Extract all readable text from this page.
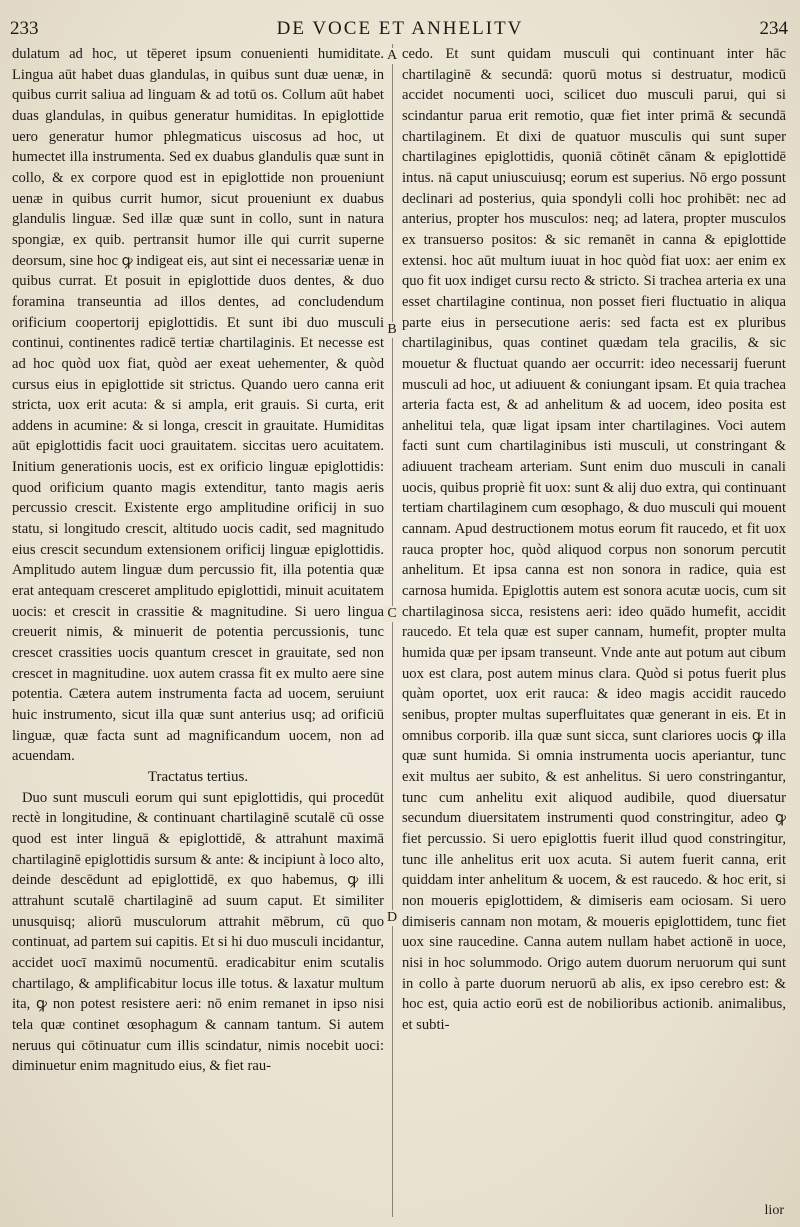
233	DE VOCE ET ANHELITV	234
A
B
C
D

dulatum ad hoc, ut tēperet ipsum conuenienti humiditate. Lingua aūt habet duas glandulas, in quibus sunt duæ uenæ, in quibus currit saliua ad linguam & ad totū os. Collum aūt habet duas glandulas, in quibus generatur humiditas. In epiglottide uero generatur humor phlegmaticus uiscosus ad hoc, ut humectet illa instrumenta. Sed ex duabus glandulis quæ sunt in collo, & ex corpore quod est in epiglottide non proueniunt uenæ in quibus currit humor, sicut proueniunt ex duabus glandulis linguæ. Sed illæ quæ sunt in collo, sunt in natura spongiæ, ex quib. pertransit humor ille qui currit superne deorsum, sine hoc ꝙ indigeat eis, aut sint ei necessariæ uenæ in quibus currat. Et posuit in epiglottide duos dentes, & duo foramina transeuntia ad illos dentes, ad concludendum orificium coopertorij epiglottidis. Et sunt ibi duo musculi continui, continentes radicē tertiæ chartilaginis. Et necesse est ad hoc quòd uox fiat, quòd aer exeat uehementer, & quòd cursus eius in epiglottide sit strictus. Quando uero canna erit stricta, uox erit acuta: & si ampla, erit grauis. Si curta, erit addens in acumine: & si longa, crescit in grauitate. Humiditas aūt epiglottidis facit uoci grauitatem. siccitas uero acuitatem. Initium generationis uocis, est ex orificio linguæ epiglottidis: quod orificium quanto magis extenditur, tanto magis aeris percussio crescit. Existente ergo amplitudine orificij in suo statu, si longitudo crescit, altitudo uocis cadit, sed magnitudo eius crescit secundum extensionem orificij linguæ epiglottidis. Amplitudo autem linguæ dum percussio fit, illa potentia quæ erat antequam cresceret amplitudo epiglottidi, minuit acuitatem uocis: et crescit in crassitie & magnitudine. Si uero lingua creuerit nimis, & minuerit de potentia percussionis, tunc crescet crassities uocis quantum crescet in grauitate, sed non crescet in magnitudine. uox autem crassa fit ex multo aere sine potentia. Cætera autem instrumenta facta ad uocem, seruiunt huic instrumento, sicut illa quæ sunt anterius usq; ad orificiū linguæ, quæ facta sunt ad magnificandum uocem, non ad acuendam.

Tractatus tertius.

Duo sunt musculi eorum qui sunt epiglottidis, qui procedūt rectè in longitudine, & continuant chartilaginē scutalē cū osse quod est inter linguā & epiglottidē, & attrahunt maximā chartilaginē epiglottidis sursum & ante: & incipiunt à loco alto, deinde descēdunt ad epiglottidē, ex quo habemus, ꝙ illi attrahunt scutalē chartilaginē ad suum caput. Et similiter unusquisq; aliorū musculorum attrahit mēbrum, cū quo continuat, ad partem sui capitis. Et si hi duo musculi incidantur, accidet uocī maximū nocumentū. eradicabitur enim scutalis chartilago, & amplificabitur locus ille totus. & laxatur multum ita, ꝙ non potest resistere aeri: nō enim remanet in ipso nisi tela quæ continet œsophagum & cannam tantum. Si autem neruus qui cōtinuatur cum illis scindatur, nimis nocebit uoci: diminuetur enim magnitudo eius, & fiet rau-

cedo. Et sunt quidam musculi qui continuant inter hāc chartilaginē & secundā: quorū motus si destruatur, modicū accidet nocumenti uoci, scilicet duo musculi parui, qui si scindantur parua erit remotio, quæ fiet inter primā & secundā chartilaginem. Et dixi de quatuor musculis qui sunt super chartilagines epiglottidis, quoniā cōtinēt cānam & epiglottidē intus. nā caput uniuscuiusq; eorum est superius. Nō ergo possunt declinari ad posterius, quia spondyli colli hoc prohibēt: nec ad anterius, propter hos musculos: neq; ad latera, propter musculos ex transuerso positos: & sic remanēt in canna & epiglottide extensi. hoc aūt multum iuuat in hoc quòd fiat uox: aer enim ex quo fit uox indiget cursu recto & stricto. Si trachea arteria ex una esset chartilagine continua, non posset fieri fluctuatio in aliqua parte eius in persecutione aeris: sed facta est ex pluribus chartilaginibus, quas continet quædam tela gracilis, & sic mouetur & fluctuat quando aer occurrit: ideo necessarij fuerunt musculi ad hoc, ut adiuuent & coniungant ipsam. Et quia trachea arteria facta est, & ad anhelitum & ad uocem, ideo posita est anhelitui tela, quæ ligat ipsam inter chartilagines. Voci autem facti sunt cum chartilaginibus isti musculi, ut constringant & adiuuent tracheam arteriam. Sunt enim duo musculi in canali uocis, quibus propriè fit uox: sunt & alij duo extra, qui continuant tertiam chartilaginem cum œsophago, & duo musculi qui mouent cannam. Apud destructionem motus eorum fit raucedo, et fit uox rauca propter hoc, quòd aliquod corpus non sonorum percutit anhelitum. Et ipsa canna est non sonora in radice, quia est carnosa humida. Epiglottis autem est sonora acutæ uocis, cum sit chartilaginosa sicca, resistens aeri: ideo quādo humefit, accidit raucedo. Et tela quæ est super cannam, humefit, propter multa humida quæ per ipsam transeunt. Vnde ante aut potum aut cibum uox est clara, post autem minus clara. Quòd si potus fuerit plus quàm oportet, uox erit rauca: & ideo magis accidit raucedo senibus, propter multas superfluitates quæ generant in eis. Et in omnibus corporib. illa quæ sunt sicca, sunt clariores uocis ꝙ illa quæ sunt humida. Si omnia instrumenta uocis aperiantur, tunc exit multus aer subito, & est anhelitus. Si uero constringantur, tunc cum anhelitu exit aliquod audibile, quod diuersatur secundum diuersitatem instrumenti quod constringitur, adeo ꝙ fiet percussio. Si uero epiglottis fuerit illud quod constringitur, tunc ille anhelitus erit uox acuta. Si autem fuerit canna, erit quiddam inter anhelitum & uocem, & est raucedo. & hoc erit, si non moueris epiglottidem, & dimiseris eam ociosam. Si uero dimiseris cannam non motam, & moueris epiglottidem, tunc fiet uox sine raucedine. Canna autem nullam habet actionē in uoce, nisi in hoc solummodo. Origo autem duorum neruorum qui sunt in collo à parte duorum neruorū ab alis, ex ipso cerebro est: & hoc est, quia actio eorū est de nobilioribus actionib. animalibus, et subti-

lior
